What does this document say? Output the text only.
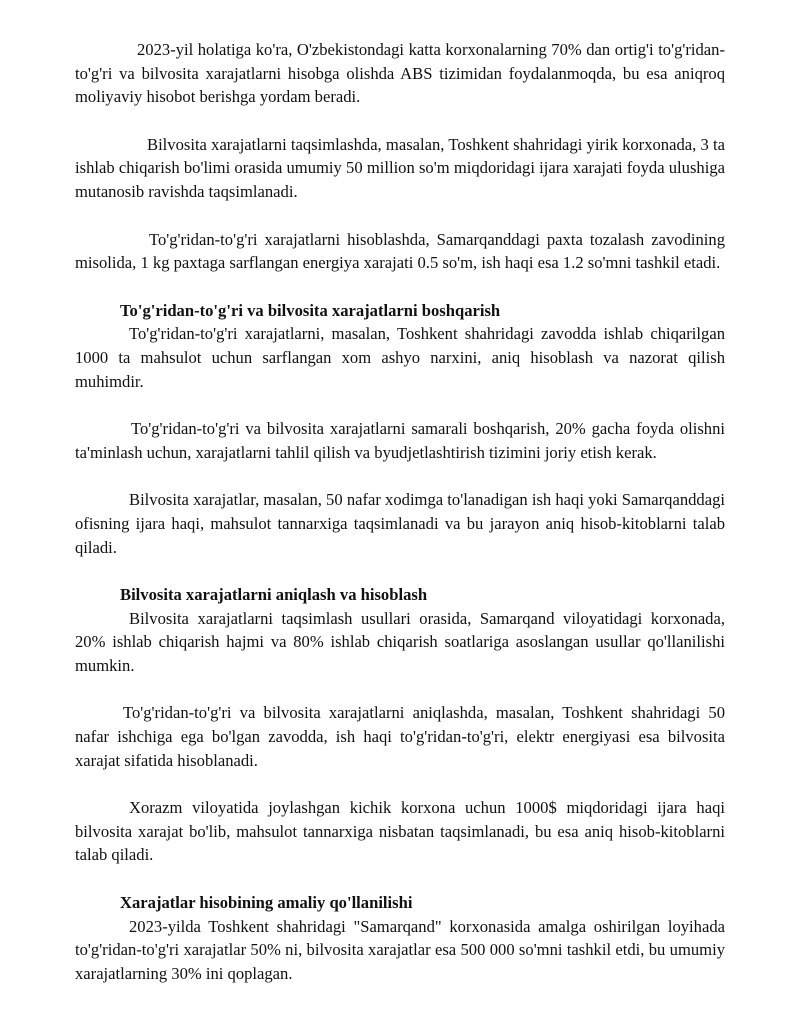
2023-yil holatiga ko'ra, O'zbekistondagi katta korxonalarning 70% dan ortig'i to'g'ridan-to'g'ri va bilvosita xarajatlarni hisobga olishda ABS tizimidan foydalanmoqda, bu esa aniqroq moliyaviy hisobot berishga yordam beradi.

Bilvosita xarajatlarni taqsimlashda, masalan, Toshkent shahridagi yirik korxonada, 3 ta ishlab chiqarish bo'limi orasida umumiy 50 million so'm miqdoridagi ijara xarajati foyda ulushiga mutanosib ravishda taqsimlanadi.

To'g'ridan-to'g'ri xarajatlarni hisoblashda, Samarqanddagi paxta tozalash zavodining misolida, 1 kg paxtaga sarflangan energiya xarajati 0.5 so'm, ish haqi esa 1.2 so'mni tashkil etadi.

To'g'ridan-to'g'ri va bilvosita xarajatlarni boshqarish

To'g'ridan-to'g'ri xarajatlarni, masalan, Toshkent shahridagi zavodda ishlab chiqarilgan 1000 ta mahsulot uchun sarflangan xom ashyo narxini, aniq hisoblash va nazorat qilish muhimdir.

To'g'ridan-to'g'ri va bilvosita xarajatlarni samarali boshqarish, 20% gacha foyda olishni ta'minlash uchun, xarajatlarni tahlil qilish va byudjetlashtirish tizimini joriy etish kerak.

Bilvosita xarajatlar, masalan, 50 nafar xodimga to'lanadigan ish haqi yoki Samarqanddagi ofisning ijara haqi, mahsulot tannarxiga taqsimlanadi va bu jarayon aniq hisob-kitoblarni talab qiladi.

Bilvosita xarajatlarni aniqlash va hisoblash

Bilvosita xarajatlarni taqsimlash usullari orasida, Samarqand viloyatidagi korxonada, 20% ishlab chiqarish hajmi va 80% ishlab chiqarish soatlariga asoslangan usullar qo'llanilishi mumkin.

To'g'ridan-to'g'ri va bilvosita xarajatlarni aniqlashda, masalan, Toshkent shahridagi 50 nafar ishchiga ega bo'lgan zavodda, ish haqi to'g'ridan-to'g'ri, elektr energiyasi esa bilvosita xarajat sifatida hisoblanadi.

Xorazm viloyatida joylashgan kichik korxona uchun 1000$ miqdoridagi ijara haqi bilvosita xarajat bo'lib, mahsulot tannarxiga nisbatan taqsimlanadi, bu esa aniq hisob-kitoblarni talab qiladi.

Xarajatlar hisobining amaliy qo'llanilishi

2023-yilda Toshkent shahridagi "Samarqand" korxonasida amalga oshirilgan loyihada to'g'ridan-to'g'ri xarajatlar 50% ni, bilvosita xarajatlar esa 500 000 so'mni tashkil etdi, bu umumiy xarajatlarning 30% ini qoplagan.
